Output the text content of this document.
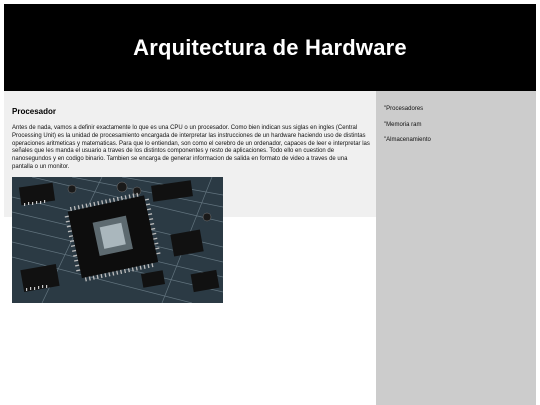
Arquitectura de Hardware
Procesador

Antes de nada, vamos a definir exactamente lo que es una CPU o un procesador. Como bien indican sus siglas en ingles (Central Processing Unit) es la unidad de procesamiento encargada de interpretar las instrucciones de un hardware haciendo uso de distintas operaciones aritmeticas y matematicas. Para que lo entiendan, son como el cerebro de un ordenador, capaces de leer e interpretar las señales que les manda el usuario a traves de los distintos componentes y resto de aplicaciones. Todo ello en cuestion de nanosegundos y en codigo binario. Tambien se encarga de generar informacion de salida en formato de video a traves de una pantalla o un monitor.

"Procesadores
"Memoria ram
"Almacenamiento
